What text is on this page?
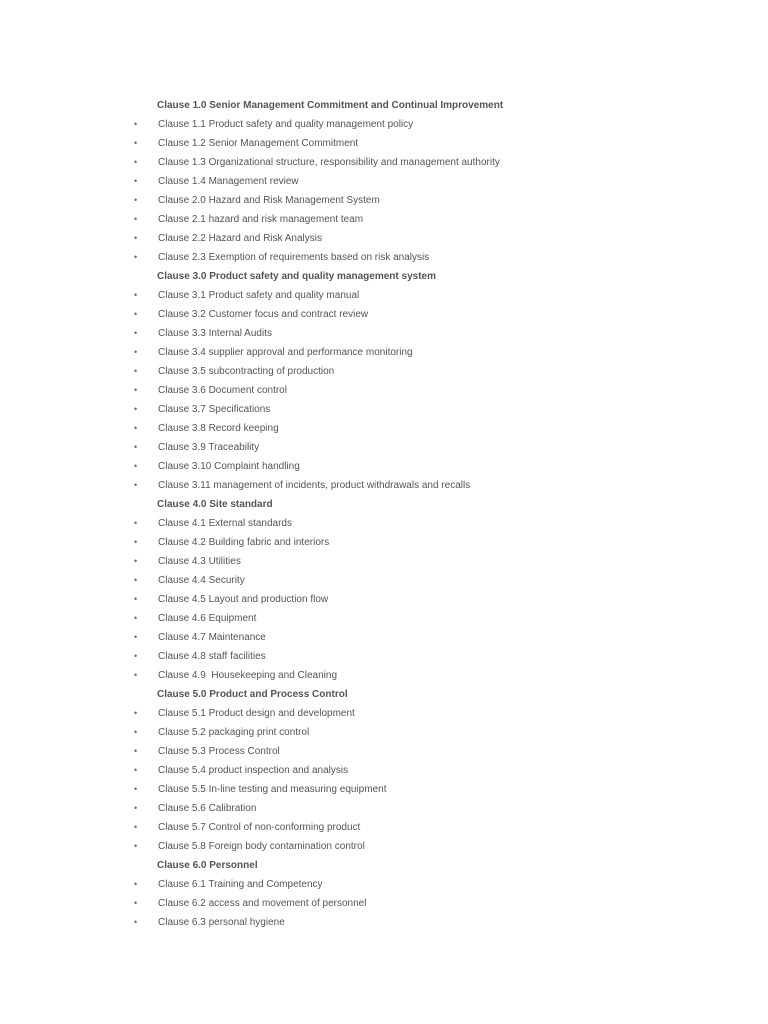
Clause 1.0 Senior Management Commitment and Continual Improvement
• Clause 1.1 Product safety and quality management policy
• Clause 1.2 Senior Management Commitment
• Clause 1.3 Organizational structure, responsibility and management authority
• Clause 1.4 Management review
• Clause 2.0 Hazard and Risk Management System
• Clause 2.1 hazard and risk management team
• Clause 2.2 Hazard and Risk Analysis
• Clause 2.3 Exemption of requirements based on risk analysis
Clause 3.0 Product safety and quality management system
• Clause 3.1 Product safety and quality manual
• Clause 3.2 Customer focus and contract review
• Clause 3.3 Internal Audits
• Clause 3.4 supplier approval and performance monitoring
• Clause 3.5 subcontracting of production
• Clause 3.6 Document control
• Clause 3.7 Specifications
• Clause 3.8 Record keeping
• Clause 3.9 Traceability
• Clause 3.10 Complaint handling
• Clause 3.11 management of incidents, product withdrawals and recalls
Clause 4.0 Site standard
• Clause 4.1 External standards
• Clause 4.2 Building fabric and interiors
• Clause 4.3 Utilities
• Clause 4.4 Security
• Clause 4.5 Layout and production flow
• Clause 4.6 Equipment
• Clause 4.7 Maintenance
• Clause 4.8 staff facilities
• Clause 4.9  Housekeeping and Cleaning
Clause 5.0 Product and Process Control
• Clause 5.1 Product design and development
• Clause 5.2 packaging print control
• Clause 5.3 Process Control
• Clause 5.4 product inspection and analysis
• Clause 5.5 In-line testing and measuring equipment
• Clause 5.6 Calibration
• Clause 5.7 Control of non-conforming product
• Clause 5.8 Foreign body contamination control
Clause 6.0 Personnel
• Clause 6.1 Training and Competency
• Clause 6.2 access and movement of personnel
• Clause 6.3 personal hygiene
